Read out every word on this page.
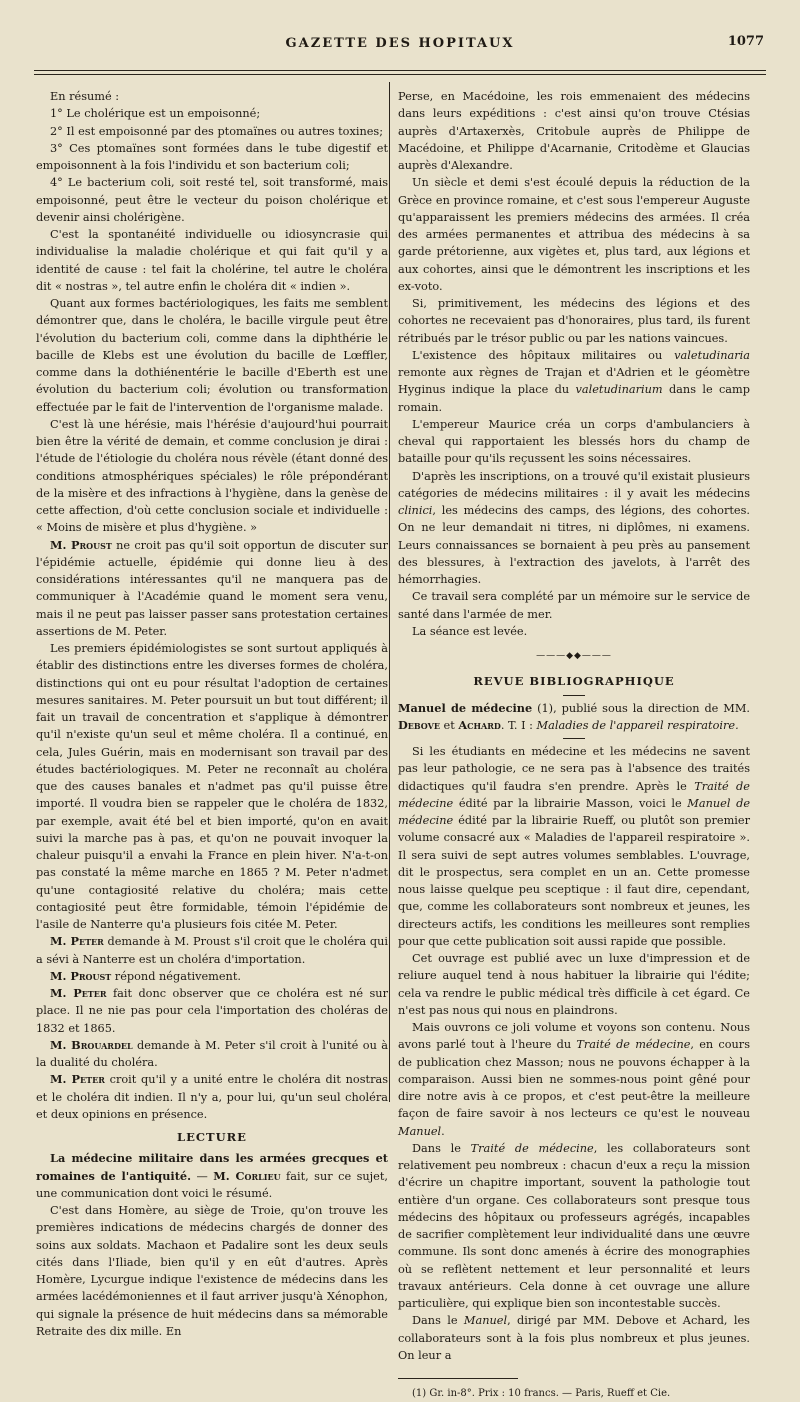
GAZETTE DES HOPITAUX	1077

En résumé :

1° Le cholérique est un empoisonné;

2° Il est empoisonné par des ptomaïnes ou autres toxines;

3° Ces ptomaïnes sont formées dans le tube digestif et empoisonnent à la fois l'individu et son bacterium coli;

4° Le bacterium coli, soit resté tel, soit transformé, mais empoisonné, peut être le vecteur du poison cholérique et devenir ainsi cholérigène.

C'est la spontanéité individuelle ou idiosyncrasie qui individualise la maladie cholérique et qui fait qu'il y a identité de cause : tel fait la cholérine, tel autre le choléra dit « nostras », tel autre enfin le choléra dit « indien ».

Quant aux formes bactériologiques, les faits me semblent démontrer que, dans le choléra, le bacille virgule peut être l'évolution du bacterium coli, comme dans la diphthérie le bacille de Klebs est une évolution du bacille de Lœffler, comme dans la dothiénentérie le bacille d'Eberth est une évolution du bacterium coli; évolution ou transformation effectuée par le fait de l'intervention de l'organisme malade.

C'est là une hérésie, mais l'hérésie d'aujourd'hui pourrait bien être la vérité de demain, et comme conclusion je dirai : l'étude de l'étiologie du choléra nous révèle (étant donné des conditions atmosphériques spéciales) le rôle prépondérant de la misère et des infractions à l'hygiène, dans la genèse de cette affection, d'où cette conclusion sociale et individuelle : « Moins de misère et plus d'hygiène. »

M. Proust ne croit pas qu'il soit opportun de discuter sur l'épidémie actuelle, épidémie qui donne lieu à des considérations intéressantes qu'il ne manquera pas de communiquer à l'Académie quand le moment sera venu, mais il ne peut pas laisser passer sans protestation certaines assertions de M. Peter.

Les premiers épidémiologistes se sont surtout appliqués à établir des distinctions entre les diverses formes de choléra, distinctions qui ont eu pour résultat l'adoption de certaines mesures sanitaires. M. Peter poursuit un but tout différent; il fait un travail de concentration et s'applique à démontrer qu'il n'existe qu'un seul et même choléra. Il a continué, en cela, Jules Guérin, mais en modernisant son travail par des études bactériologiques. M. Peter ne reconnaît au choléra que des causes banales et n'admet pas qu'il puisse être importé. Il voudra bien se rappeler que le choléra de 1832, par exemple, avait été bel et bien importé, qu'on en avait suivi la marche pas à pas, et qu'on ne pouvait invoquer la chaleur puisqu'il a envahi la France en plein hiver. N'a-t-on pas constaté la même marche en 1865 ? M. Peter n'admet qu'une contagiosité relative du choléra; mais cette contagiosité peut être formidable, témoin l'épidémie de l'asile de Nanterre qu'a plusieurs fois citée M. Peter.

M. Peter demande à M. Proust s'il croit que le choléra qui a sévi à Nanterre est un choléra d'importation.

M. Proust répond négativement.

M. Peter fait donc observer que ce choléra est né sur place. Il ne nie pas pour cela l'importation des choléras de 1832 et 1865.

M. Brouardel demande à M. Peter s'il croit à l'unité ou à la dualité du choléra.

M. Peter croit qu'il y a unité entre le choléra dit nostras et le choléra dit indien. Il n'y a, pour lui, qu'un seul choléra et deux opinions en présence.

LECTURE

La médecine militaire dans les armées grecques et romaines de l'antiquité. — M. Corlieu fait, sur ce sujet, une communication dont voici le résumé.

C'est dans Homère, au siège de Troie, qu'on trouve les premières indications de médecins chargés de donner des soins aux soldats. Machaon et Padalire sont les deux seuls cités dans l'Iliade, bien qu'il y en eût d'autres. Après Homère, Lycurgue indique l'existence de médecins dans les armées lacédémoniennes et il faut arriver jusqu'à Xénophon, qui signale la présence de huit médecins dans sa mémorable Retraite des dix mille. En

Perse, en Macédoine, les rois emmenaient des médecins dans leurs expéditions : c'est ainsi qu'on trouve Ctésias auprès d'Artaxerxès, Critobule auprès de Philippe de Macédoine, et Philippe d'Acarnanie, Critodème et Glaucias auprès d'Alexandre.

Un siècle et demi s'est écoulé depuis la réduction de la Grèce en province romaine, et c'est sous l'empereur Auguste qu'apparaissent les premiers médecins des armées. Il créa des armées permanentes et attribua des médecins à sa garde prétorienne, aux vigètes et, plus tard, aux légions et aux cohortes, ainsi que le démontrent les inscriptions et les ex-voto.

Si, primitivement, les médecins des légions et des cohortes ne recevaient pas d'honoraires, plus tard, ils furent rétribués par le trésor public ou par les nations vaincues.

L'existence des hôpitaux militaires ou valetudinaria remonte aux règnes de Trajan et d'Adrien et le géomètre Hyginus indique la place du valetudinarium dans le camp romain.

L'empereur Maurice créa un corps d'ambulanciers à cheval qui rapportaient les blessés hors du champ de bataille pour qu'ils reçussent les soins nécessaires.

D'après les inscriptions, on a trouvé qu'il existait plusieurs catégories de médecins militaires : il y avait les médecins clinici, les médecins des camps, des légions, des cohortes. On ne leur demandait ni titres, ni diplômes, ni examens. Leurs connaissances se bornaient à peu près au pansement des blessures, à l'extraction des javelots, à l'arrêt des hémorrhagies.

Ce travail sera complété par un mémoire sur le service de santé dans l'armée de mer.

La séance est levée.

———◆◆———
REVUE BIBLIOGRAPHIQUE

Manuel de médecine (1), publié sous la direction de MM. Debove et Achard. T. I : Maladies de l'appareil respiratoire.

Si les étudiants en médecine et les médecins ne savent pas leur pathologie, ce ne sera pas à l'absence des traités didactiques qu'il faudra s'en prendre. Après le Traité de médecine édité par la librairie Masson, voici le Manuel de médecine édité par la librairie Rueff, ou plutôt son premier volume consacré aux « Maladies de l'appareil respiratoire ». Il sera suivi de sept autres volumes semblables. L'ouvrage, dit le prospectus, sera complet en un an. Cette promesse nous laisse quelque peu sceptique : il faut dire, cependant, que, comme les collaborateurs sont nombreux et jeunes, les directeurs actifs, les conditions les meilleures sont remplies pour que cette publication soit aussi rapide que possible.

Cet ouvrage est publié avec un luxe d'impression et de reliure auquel tend à nous habituer la librairie qui l'édite; cela va rendre le public médical très difficile à cet égard. Ce n'est pas nous qui nous en plaindrons.

Mais ouvrons ce joli volume et voyons son contenu. Nous avons parlé tout à l'heure du Traité de médecine, en cours de publication chez Masson; nous ne pouvons échapper à la comparaison. Aussi bien ne sommes-nous point gêné pour dire notre avis à ce propos, et c'est peut-être la meilleure façon de faire savoir à nos lecteurs ce qu'est le nouveau Manuel.

Dans le Traité de médecine, les collaborateurs sont relativement peu nombreux : chacun d'eux a reçu la mission d'écrire un chapitre important, souvent la pathologie tout entière d'un organe. Ces collaborateurs sont presque tous médecins des hôpitaux ou professeurs agrégés, incapables de sacrifier complètement leur individualité dans une œuvre commune. Ils sont donc amenés à écrire des monographies où se reflètent nettement et leur personnalité et leurs travaux antérieurs. Cela donne à cet ouvrage une allure particulière, qui explique bien son incontestable succès.

Dans le Manuel, dirigé par MM. Debove et Achard, les collaborateurs sont à la fois plus nombreux et plus jeunes. On leur a

(1) Gr. in-8°. Prix : 10 francs. — Paris, Rueff et Cie.
